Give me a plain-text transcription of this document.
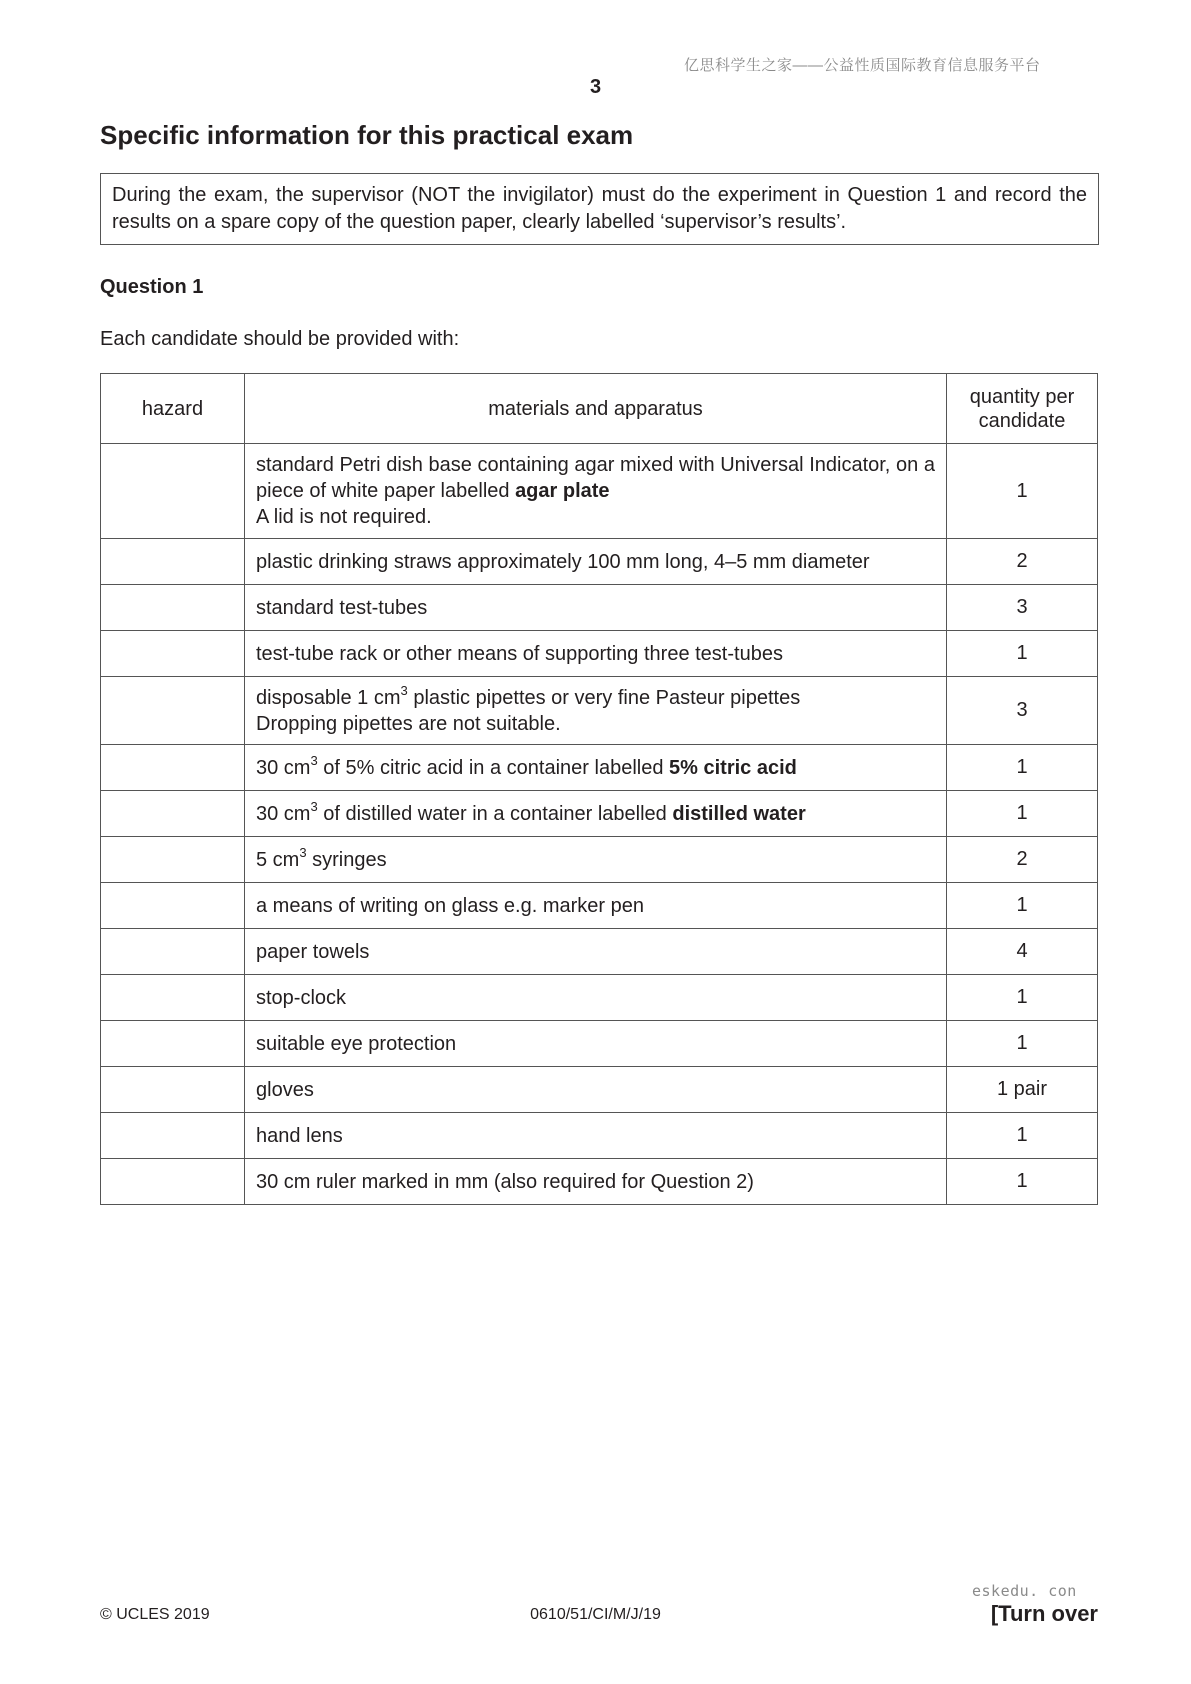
亿思科学生之家——公益性质国际教育信息服务平台
3
Specific information for this practical exam
During the exam, the supervisor (NOT the invigilator) must do the experiment in Question 1 and record the results on a spare copy of the question paper, clearly labelled ‘supervisor’s results’.
Question 1
Each candidate should be provided with:
hazard	materials and apparatus	quantity per candidate

	standard Petri dish base containing agar mixed with Universal Indicator, on a piece of white paper labelled agar plate
A lid is not required.	1
	plastic drinking straws approximately 100 mm long, 4–5 mm diameter	2
	standard test-tubes	3
	test-tube rack or other means of supporting three test-tubes	1

	disposable 1 $cm^3$ plastic pipettes or very fine Pasteur pipettes
Dropping pipettes are not suitable.	3
	30 $cm^3$ of 5% citric acid in a container labelled 5% citric acid	1
	30 $cm^3$ of distilled water in a container labelled distilled water	1
	5 $cm^3$ syringes	2
	a means of writing on glass e.g. marker pen	1
	paper towels	4
	stop-clock	1
	suitable eye protection	1
	gloves	1 pair
	hand lens	1
	30 cm ruler marked in mm (also required for Question 2)	1
eskedu. con
© UCLES 2019	0610/51/CI/M/J/19	[Turn over
